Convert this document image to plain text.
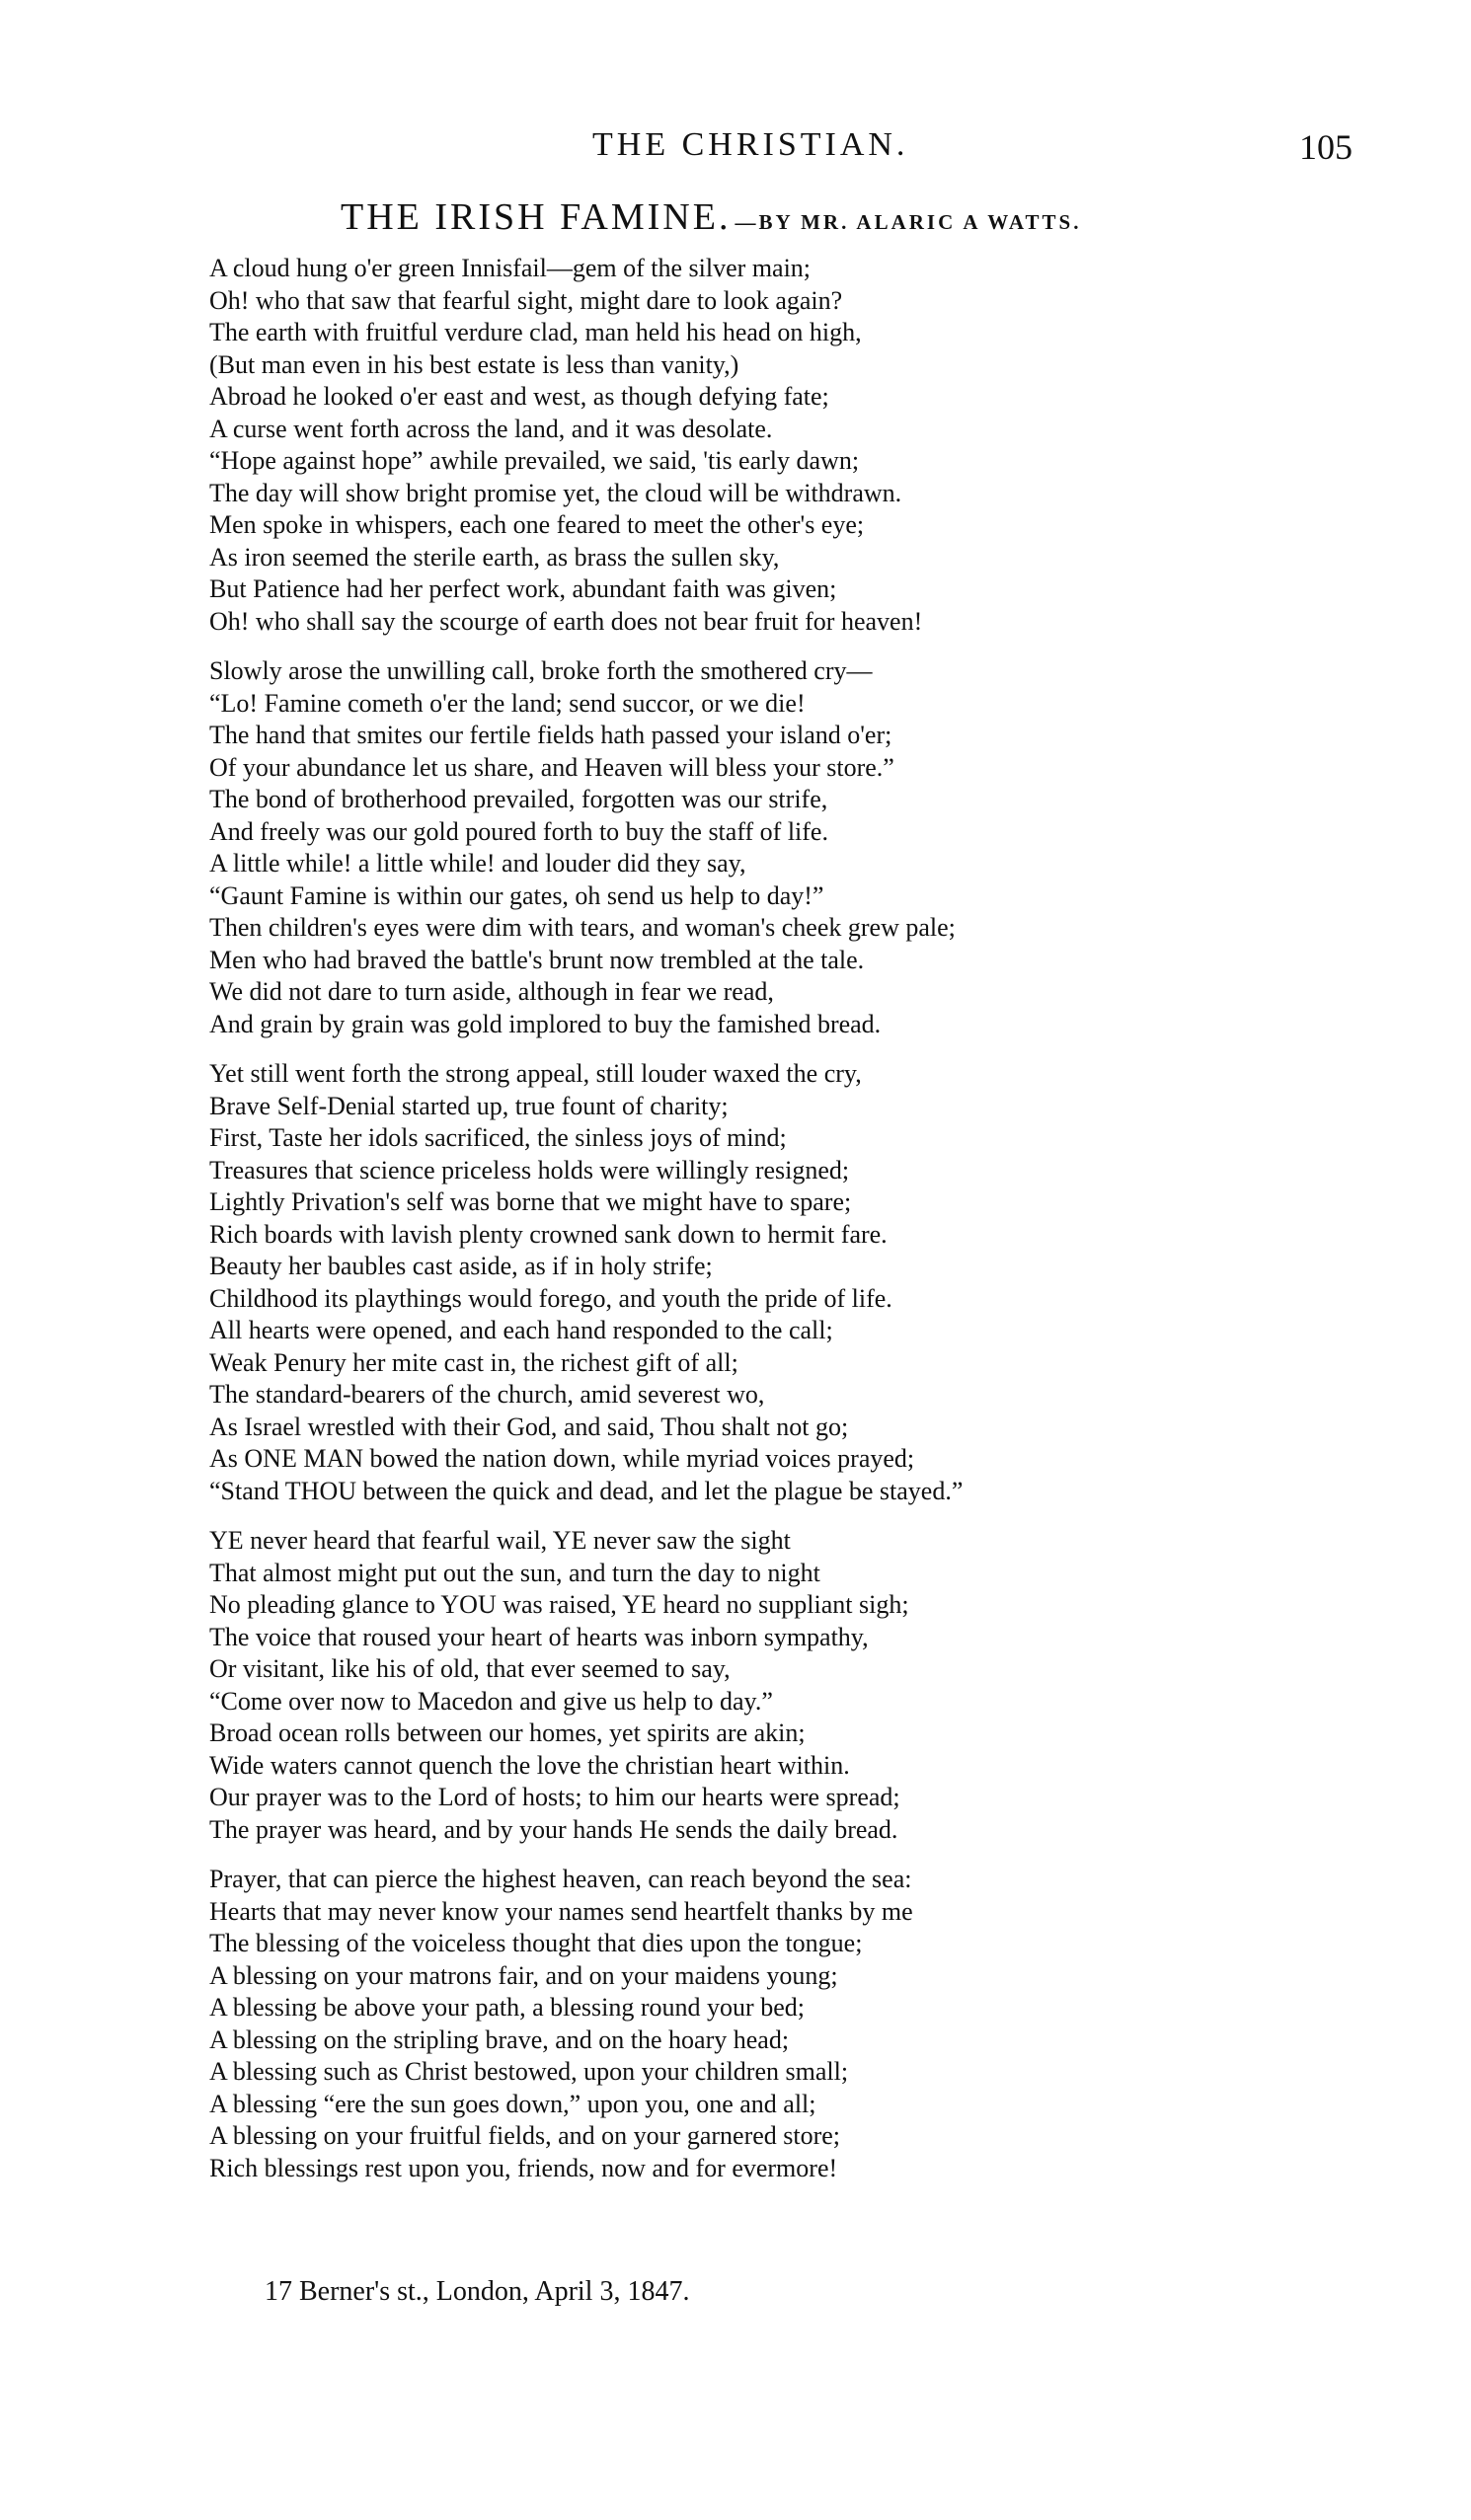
THE CHRISTIAN.	105
THE IRISH FAMINE. —BY MR. ALARIC A WATTS.
A cloud hung o'er green Innisfail—gem of the silver main;
Oh! who that saw that fearful sight, might dare to look again?
The earth with fruitful verdure clad, man held his head on high,
(But man even in his best estate is less than vanity,)
Abroad he looked o'er east and west, as though defying fate;
A curse went forth across the land, and it was desolate.
“Hope against hope” awhile prevailed, we said, 'tis early dawn;
The day will show bright promise yet, the cloud will be withdrawn.
Men spoke in whispers, each one feared to meet the other's eye;
As iron seemed the sterile earth, as brass the sullen sky,
But Patience had her perfect work, abundant faith was given;
Oh! who shall say the scourge of earth does not bear fruit for heaven!
Slowly arose the unwilling call, broke forth the smothered cry—
“Lo! Famine cometh o'er the land; send succor, or we die!
The hand that smites our fertile fields hath passed your island o'er;
Of your abundance let us share, and Heaven will bless your store.”
The bond of brotherhood prevailed, forgotten was our strife,
And freely was our gold poured forth to buy the staff of life.
A little while! a little while! and louder did they say,
“Gaunt Famine is within our gates, oh send us help to day!”
Then children's eyes were dim with tears, and woman's cheek grew pale;
Men who had braved the battle's brunt now trembled at the tale.
We did not dare to turn aside, although in fear we read,
And grain by grain was gold implored to buy the famished bread.
Yet still went forth the strong appeal, still louder waxed the cry,
Brave Self-Denial started up, true fount of charity;
First, Taste her idols sacrificed, the sinless joys of mind;
Treasures that science priceless holds were willingly resigned;
Lightly Privation's self was borne that we might have to spare;
Rich boards with lavish plenty crowned sank down to hermit fare.
Beauty her baubles cast aside, as if in holy strife;
Childhood its playthings would forego, and youth the pride of life.
All hearts were opened, and each hand responded to the call;
Weak Penury her mite cast in, the richest gift of all;
The standard-bearers of the church, amid severest wo,
As Israel wrestled with their God, and said, Thou shalt not go;
As ONE MAN bowed the nation down, while myriad voices prayed;
“Stand THOU between the quick and dead, and let the plague be stayed.”
YE never heard that fearful wail, YE never saw the sight
That almost might put out the sun, and turn the day to night
No pleading glance to YOU was raised, YE heard no suppliant sigh;
The voice that roused your heart of hearts was inborn sympathy,
Or visitant, like his of old, that ever seemed to say,
“Come over now to Macedon and give us help to day.”
Broad ocean rolls between our homes, yet spirits are akin;
Wide waters cannot quench the love the christian heart within.
Our prayer was to the Lord of hosts; to him our hearts were spread;
The prayer was heard, and by your hands He sends the daily bread.
Prayer, that can pierce the highest heaven, can reach beyond the sea:
Hearts that may never know your names send heartfelt thanks by me
The blessing of the voiceless thought that dies upon the tongue;
A blessing on your matrons fair, and on your maidens young;
A blessing be above your path, a blessing round your bed;
A blessing on the stripling brave, and on the hoary head;
A blessing such as Christ bestowed, upon your children small;
A blessing “ere the sun goes down,” upon you, one and all;
A blessing on your fruitful fields, and on your garnered store;
Rich blessings rest upon you, friends, now and for evermore!
17 Berner's st., London, April 3, 1847.
